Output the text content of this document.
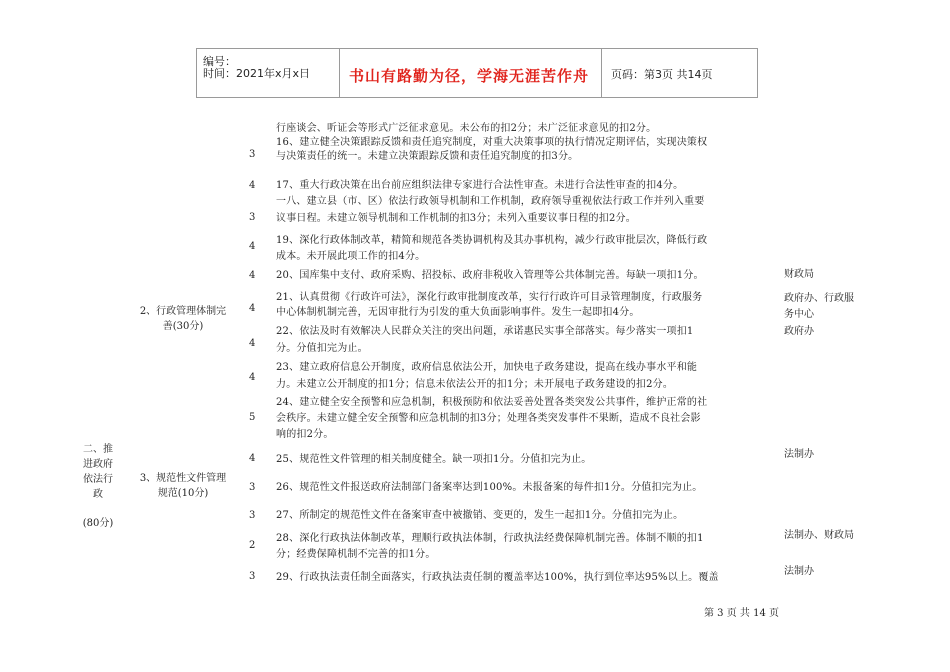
编号：
时间：2021年x月x日	书山有路勤为径，学海无涯苦作舟 页码：第3页 共14页
行座谈会、听证会等形式广泛征求意见。未公布的扣2分；未广泛征求意见的扣2分。
二、推
进政府
依法行
政
(80分)
2、行政管理体制完
善(30分)
3、规范性文件管理
规范(10分)
3
16、建立健全决策跟踪反馈和责任追究制度，对重大决策事项的执行情况定期评估，实现决策权
与决策责任的统一。未建立决策跟踪反馈和责任追究制度的扣3分。
4 17、重大行政决策在出台前应组织法律专家进行合法性审查。未进行合法性审查的扣4分。
3
一八、建立县（市、区）依法行政领导机制和工作机制，政府领导重视依法行政工作并列入重要
议事日程。未建立领导机制和工作机制的扣3分；未列入重要议事日程的扣2分。
4
19、深化行政体制改革，精简和规范各类协调机构及其办事机构，减少行政审批层次，降低行政
成本。未开展此项工作的扣4分。
4 20、国库集中支付、政府采购、招投标、政府非税收入管理等公共体制完善。每缺一项扣1分。
4
21、认真贯彻《行政许可法》，深化行政审批制度改革，实行行政许可目录管理制度，行政服务
中心体制机制完善，无因审批行为引发的重大负面影响事件。发生一起即扣4分。
4
22、依法及时有效解决人民群众关注的突出问题，承诺惠民实事全部落实。每少落实一项扣1
分。分值扣完为止。
4
23、建立政府信息公开制度，政府信息依法公开，加快电子政务建设，提高在线办事水平和能
力。未建立公开制度的扣1分；信息未依法公开的扣1分；未开展电子政务建设的扣2分。
5
24、建立健全安全预警和应急机制，积极预防和依法妥善处置各类突发公共事件，维护正常的社
会秩序。未建立健全安全预警和应急机制的扣3分；处理各类突发事件不果断，造成不良社会影
响的扣2分。
4 25、规范性文件管理的相关制度健全。缺一项扣1分。分值扣完为止。
3 26、规范性文件报送政府法制部门备案率达到100%。未报备案的每件扣1分。分值扣完为止。
3 27、所制定的规范性文件在备案审查中被撤销、变更的，发生一起扣1分。分值扣完为止。
2
28、深化行政执法体制改革，理顺行政执法体制，行政执法经费保障机制完善。体制不顺的扣1
分；经费保障机制不完善的扣1分。
3 29、行政执法责任制全面落实，行政执法责任制的覆盖率达100%，执行到位率达95%以上。覆盖
财政局
政府办、行政服
务中心
政府办
法制办
法制办、财政局
法制办
第 3 页 共 14 页
